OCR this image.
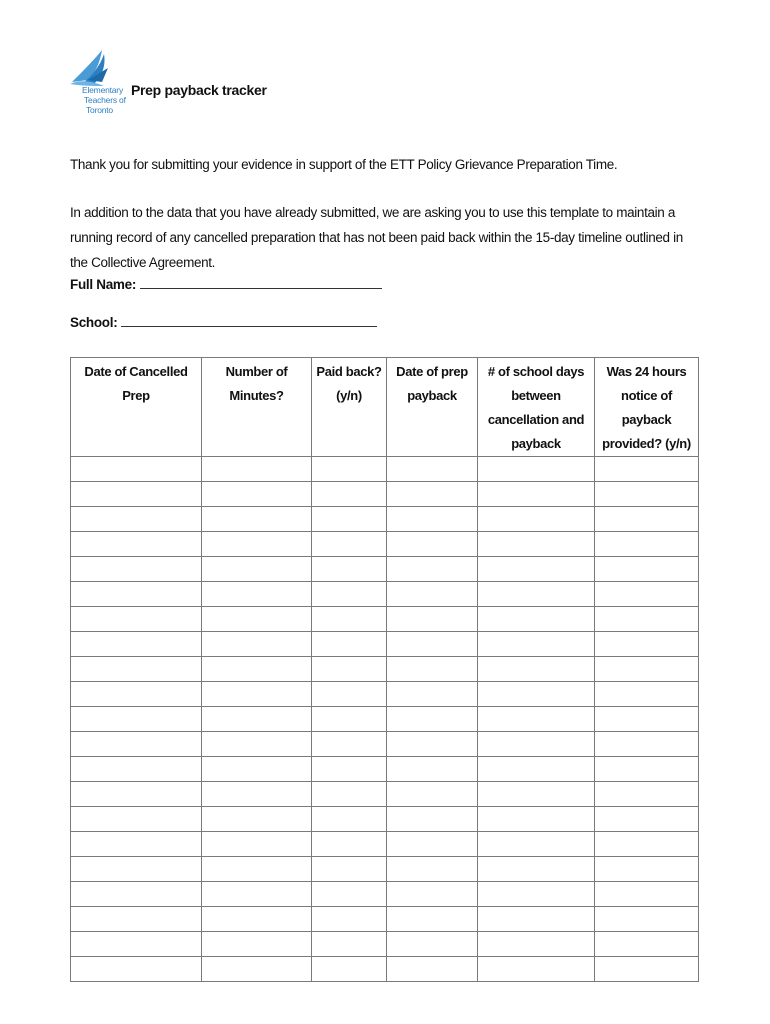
Elementary
Teachers of
Toronto
Prep payback tracker
Thank you for submitting your evidence in support of the ETT Policy Grievance Preparation Time.
In addition to the data that you have already submitted, we are asking you to use this template to maintain a running record of any cancelled preparation that has not been paid back within the 15-day timeline outlined in the Collective Agreement.
Full Name:
School:
Date of Cancelled Prep	Number of Minutes?	Paid back? (y/n)	Date of prep payback	# of school days between cancellation and payback	Was 24 hours notice of payback provided? (y/n)
